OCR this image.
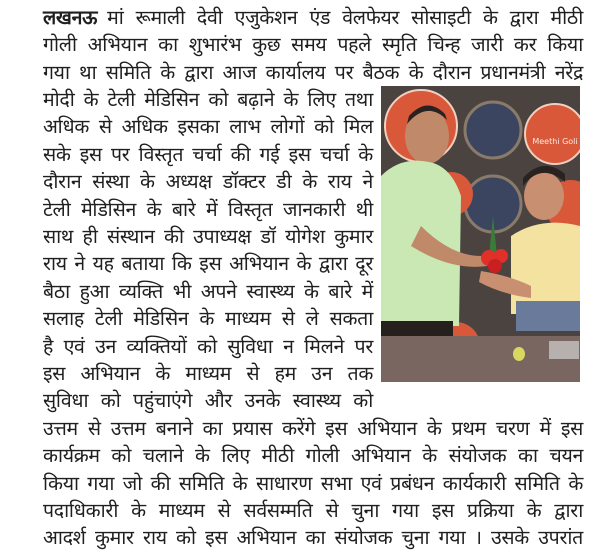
लखनऊ मां रूमाली देवी एजुकेशन एंड वेलफेयर सोसाइटी के द्वारा मीठी
गोली अभियान का शुभारंभ कुछ समय पहले स्मृति चिन्ह जारी कर किया
गया था समिति के द्वारा आज कार्यालय पर बैठक के दौरान प्रधानमंत्री नरेंद्र
मोदी के टेली मेडिसिन को बढ़ाने के लिए तथा
अधिक से अधिक इसका लाभ लोगों को मिल
सके इस पर विस्तृत चर्चा की गई इस चर्चा के
दौरान संस्था के अध्यक्ष डॉक्टर डी के राय ने
टेली मेडिसिन के बारे में विस्तृत जानकारी थी
साथ ही संस्थान की उपाध्यक्ष डॉ योगेश कुमार
राय ने यह बताया कि इस अभियान के द्वारा दूर
बैठा हुआ व्यक्ति भी अपने स्वास्थ्य के बारे में
सलाह टेली मेडिसिन के माध्यम से ले सकता
है एवं उन व्यक्तियों को सुविधा न मिलने पर
इस अभियान के माध्यम से हम उन तक
सुविधा को पहुंचाएंगे और उनके स्वास्थ्य को
उत्तम से उत्तम बनाने का प्रयास करेंगे इस अभियान के प्रथम चरण में इस
कार्यक्रम को चलाने के लिए मीठी गोली अभियान के संयोजक का चयन
किया गया जो की समिति के साधारण सभा एवं प्रबंधन कार्यकारी समिति के
पदाधिकारी के माध्यम से सर्वसम्मति से चुना गया इस प्रक्रिया के द्वारा
आदर्श कुमार राय को इस अभियान का संयोजक चुना गया । उसके उपरांत
Meethi Goli
